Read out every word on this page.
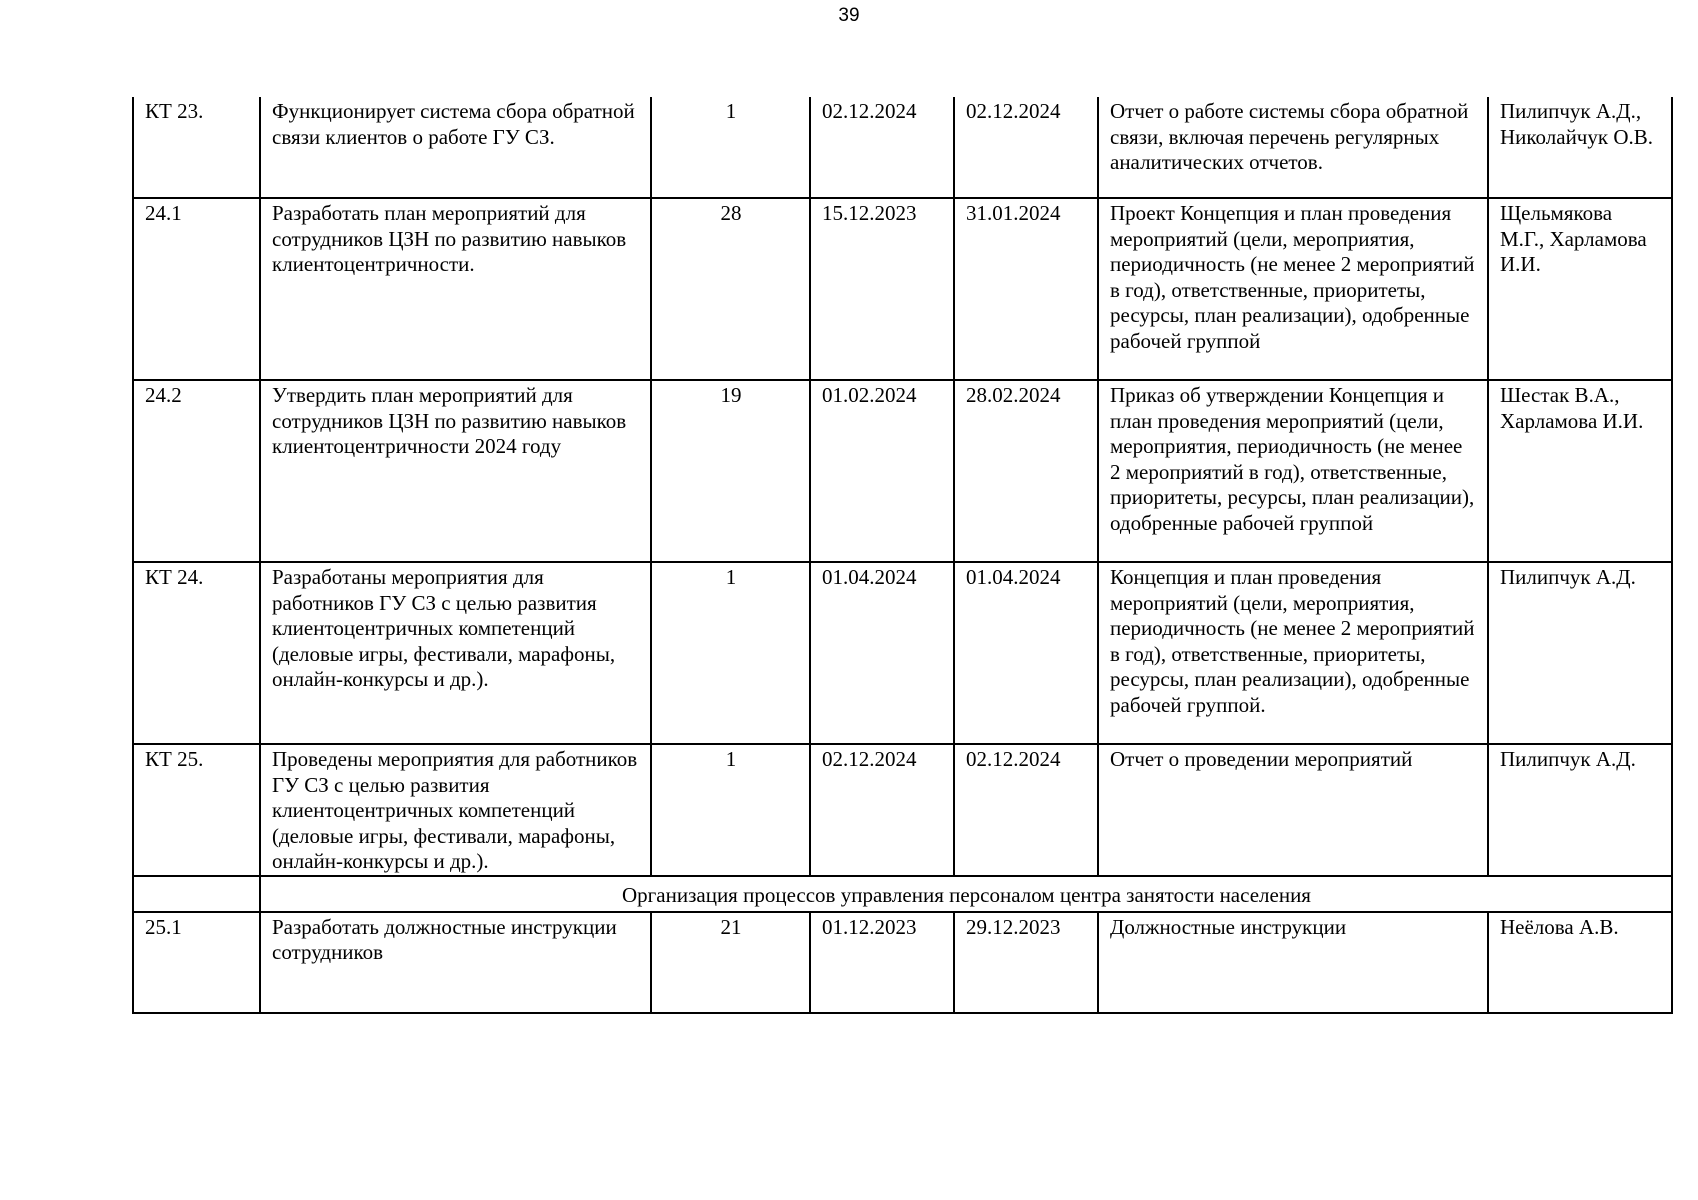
39
КТ 23.	Функционирует система сбора обратной связи клиентов о работе ГУ СЗ.	1	02.12.2024	02.12.2024	Отчет о работе системы сбора обратной связи, включая перечень регулярных аналитических отчетов.	Пилипчук А.Д., Николайчук О.В.
24.1	Разработать план мероприятий для сотрудников ЦЗН по развитию навыков клиентоцентричности.	28	15.12.2023	31.01.2024	Проект Концепция и план проведения мероприятий (цели, мероприятия, периодичность (не менее 2 мероприятий в год), ответственные, приоритеты, ресурсы, план реализации), одобренные рабочей группой	Щельмякова М.Г., Харламова И.И.
24.2	Утвердить план мероприятий для сотрудников ЦЗН по развитию навыков клиентоцентричности 2024 году	19	01.02.2024	28.02.2024	Приказ об утверждении Концепция и план проведения мероприятий (цели, мероприятия, периодичность (не менее 2 мероприятий в год), ответственные, приоритеты, ресурсы, план реализации), одобренные рабочей группой	Шестак В.А., Харламова И.И.
КТ 24.	Разработаны мероприятия для работников ГУ СЗ с целью развития клиентоцентричных компетенций (деловые игры, фестивали, марафоны, онлайн-конкурсы и др.).	1	01.04.2024	01.04.2024	Концепция и план проведения мероприятий (цели, мероприятия, периодичность (не менее 2 мероприятий в год), ответственные, приоритеты, ресурсы, план реализации), одобренные рабочей группой.	Пилипчук А.Д.
КТ 25.	Проведены мероприятия для работников ГУ СЗ с целью развития клиентоцентричных компетенций (деловые игры, фестивали, марафоны, онлайн-конкурсы и др.).	1	02.12.2024	02.12.2024	Отчет о проведении мероприятий	Пилипчук А.Д.
	Организация процессов управления персоналом центра занятости населения					
25.1	Разработать должностные инструкции сотрудников	21	01.12.2023	29.12.2023	Должностные инструкции	Неёлова А.В.
